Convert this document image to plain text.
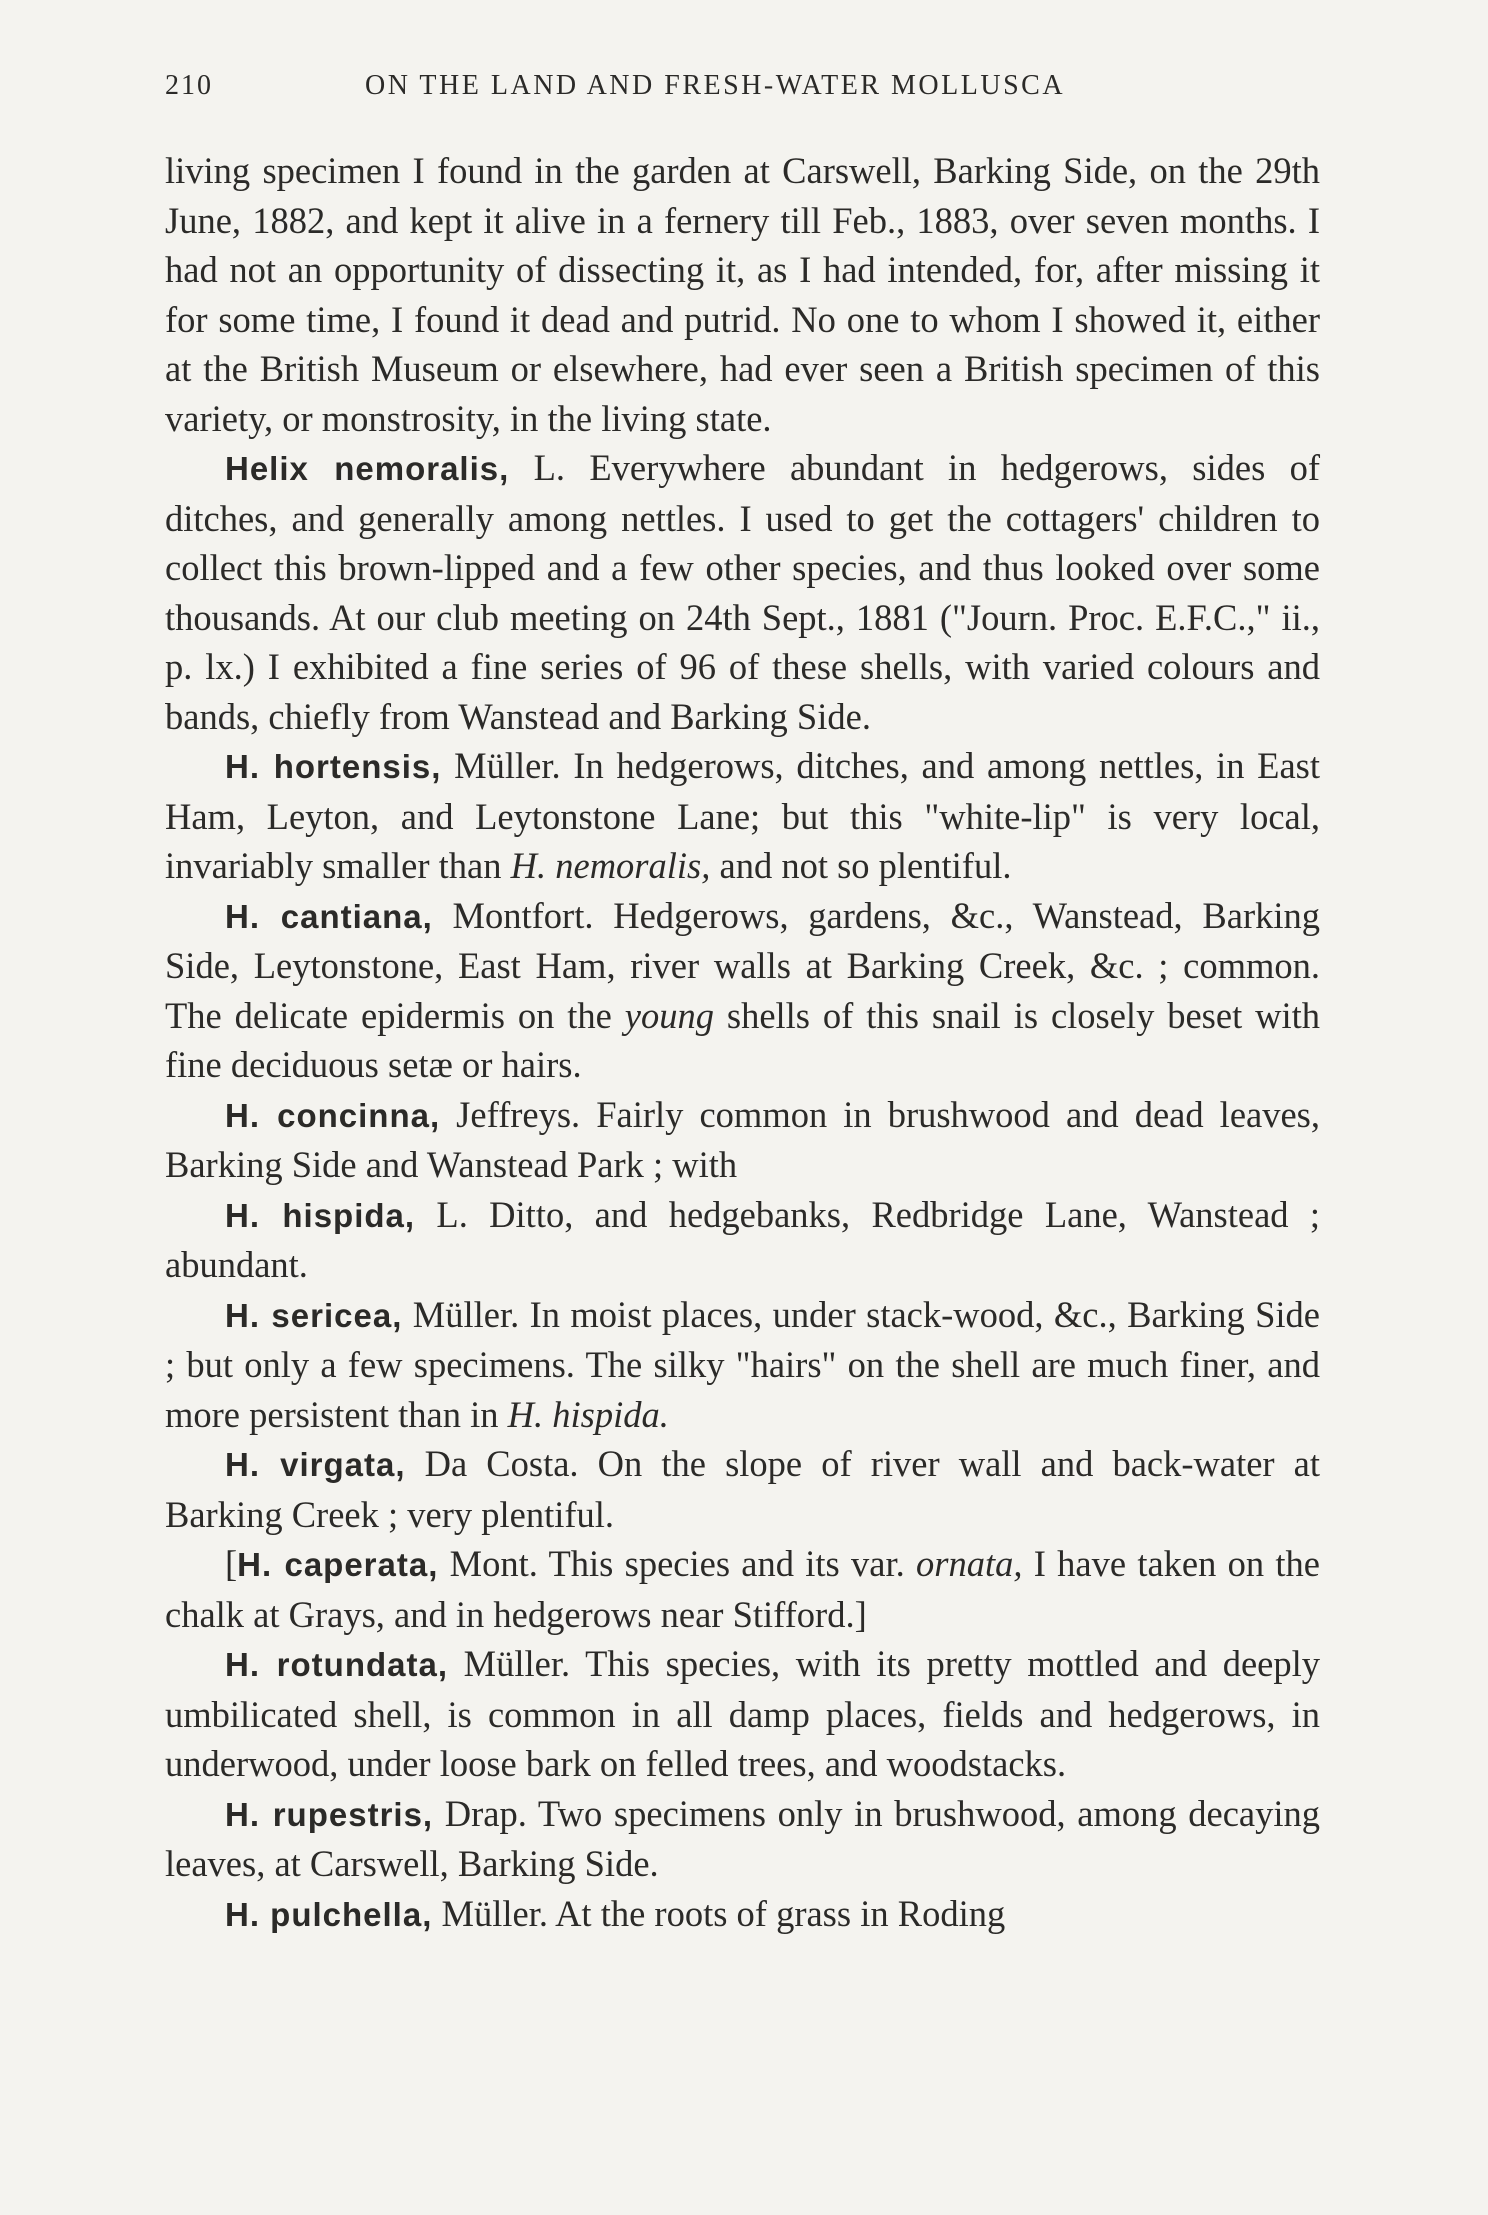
210	ON THE LAND AND FRESH-WATER MOLLUSCA

living specimen I found in the garden at Carswell, Barking Side, on the 29th June, 1882, and kept it alive in a fernery till Feb., 1883, over seven months. I had not an opportunity of dissecting it, as I had intended, for, after missing it for some time, I found it dead and putrid. No one to whom I showed it, either at the British Museum or elsewhere, had ever seen a British specimen of this variety, or monstrosity, in the living state.

Helix nemoralis, L. Everywhere abundant in hedgerows, sides of ditches, and generally among nettles. I used to get the cottagers' children to collect this brown-lipped and a few other species, and thus looked over some thousands. At our club meeting on 24th Sept., 1881 ("Journ. Proc. E.F.C.," ii., p. lx.) I exhibited a fine series of 96 of these shells, with varied colours and bands, chiefly from Wanstead and Barking Side.

H. hortensis, Müller. In hedgerows, ditches, and among nettles, in East Ham, Leyton, and Leytonstone Lane; but this "white-lip" is very local, invariably smaller than H. nemoralis, and not so plentiful.

H. cantiana, Montfort. Hedgerows, gardens, &c., Wanstead, Barking Side, Leytonstone, East Ham, river walls at Barking Creek, &c. ; common. The delicate epidermis on the young shells of this snail is closely beset with fine deciduous setæ or hairs.

H. concinna, Jeffreys. Fairly common in brushwood and dead leaves, Barking Side and Wanstead Park ; with

H. hispida, L. Ditto, and hedgebanks, Redbridge Lane, Wanstead ; abundant.

H. sericea, Müller. In moist places, under stack-wood, &c., Barking Side ; but only a few specimens. The silky "hairs" on the shell are much finer, and more persistent than in H. hispida.

H. virgata, Da Costa. On the slope of river wall and back-water at Barking Creek ; very plentiful.

[H. caperata, Mont. This species and its var. ornata, I have taken on the chalk at Grays, and in hedgerows near Stifford.]

H. rotundata, Müller. This species, with its pretty mottled and deeply umbilicated shell, is common in all damp places, fields and hedgerows, in underwood, under loose bark on felled trees, and woodstacks.

H. rupestris, Drap. Two specimens only in brushwood, among decaying leaves, at Carswell, Barking Side.

H. pulchella, Müller. At the roots of grass in Roding
